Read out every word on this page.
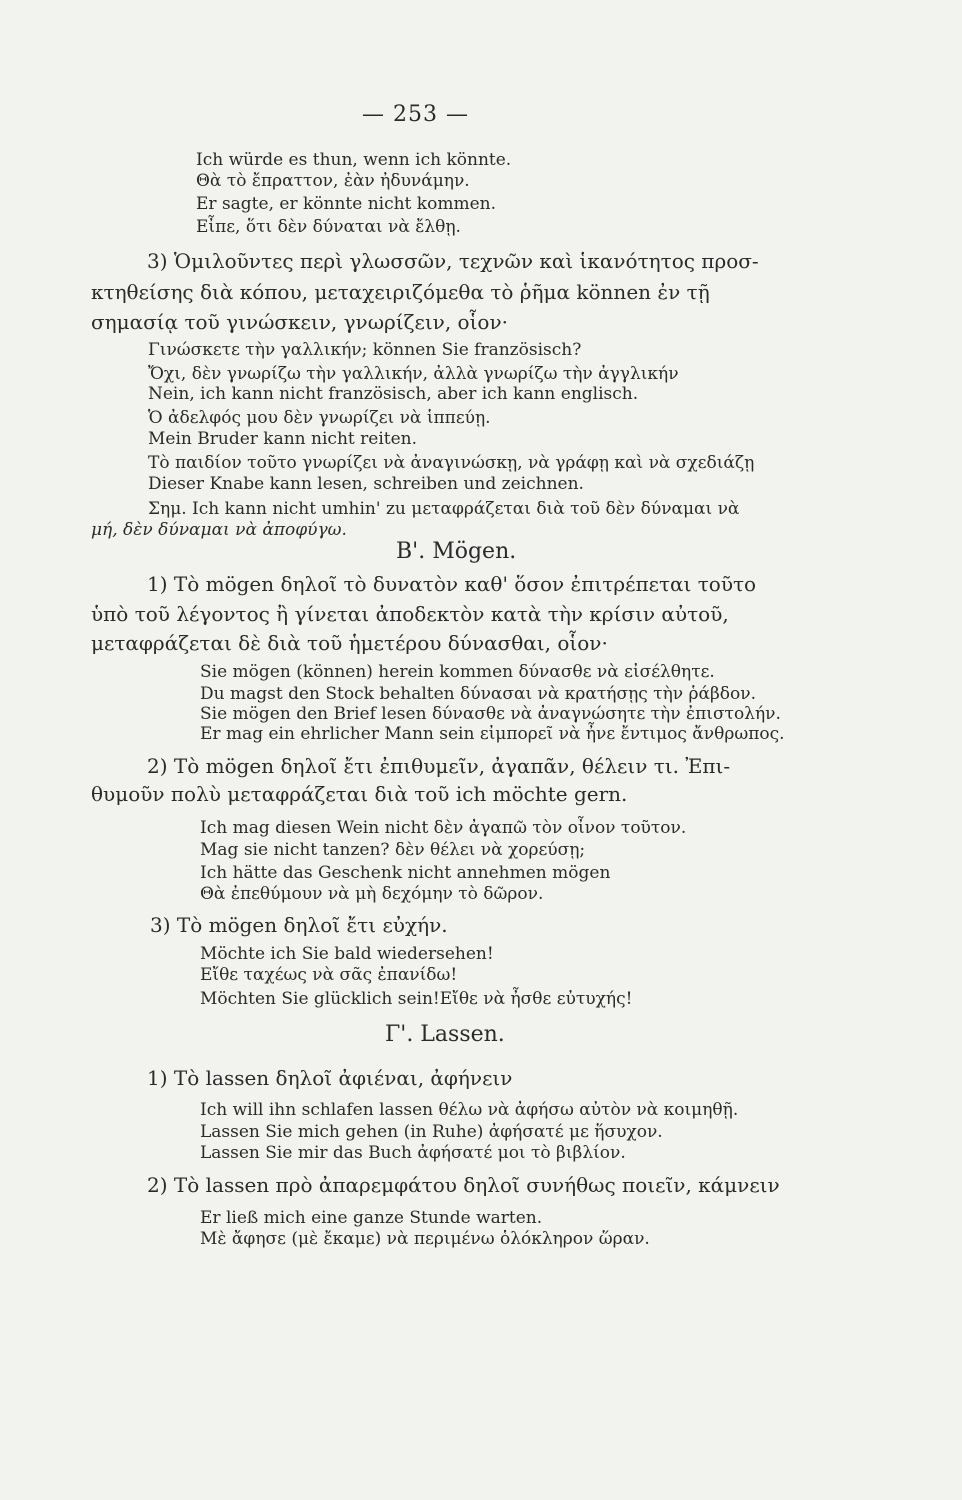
— 253 —
Ich würde es thun, wenn ich könnte.
Θὰ τὸ ἔπραττον, ἐὰν ἠδυνάμην.
Er sagte, er könnte nicht kommen.
Εἶπε, ὅτι δὲν δύναται νὰ ἔλθῃ.
3) Ὁμιλοῦντες περὶ γλωσσῶν, τεχνῶν καὶ ἱκανότητος προσ-
κτηθείσης διὰ κόπου, μεταχειριζόμεθα τὸ ῥῆμα können ἐν τῇ
σημασίᾳ τοῦ γινώσκειν, γνωρίζειν, οἷον·
Γινώσκετε τὴν γαλλικήν; können Sie französisch?
Ὄχι, δὲν γνωρίζω τὴν γαλλικήν, ἀλλὰ γνωρίζω τὴν ἀγγλικήν
Nein, ich kann nicht französisch, aber ich kann englisch.
Ὁ ἀδελφός μου δὲν γνωρίζει νὰ ἱππεύῃ.
Mein Bruder kann nicht reiten.
Τὸ παιδίον τοῦτο γνωρίζει νὰ ἀναγινώσκῃ, νὰ γράφῃ καὶ νὰ σχεδιάζῃ
Dieser Knabe kann lesen, schreiben und zeichnen.
Σημ. Ich kann nicht umhin' zu μεταφράζεται διὰ τοῦ δὲν δύναμαι νὰ
μή, δὲν δύναμαι νὰ ἀποφύγω.
Β'. Mögen.
1) Τὸ mögen δηλοῖ τὸ δυνατὸν καθ' ὅσον ἐπιτρέπεται τοῦτο
ὑπὸ τοῦ λέγοντος ἢ γίνεται ἀποδεκτὸν κατὰ τὴν κρίσιν αὐτοῦ,
μεταφράζεται δὲ διὰ τοῦ ἡμετέρου δύνασθαι, οἷον·
Sie mögen (können) herein kommen δύνασθε νὰ εἰσέλθητε.
Du magst den Stock behalten δύνασαι νὰ κρατήσῃς τὴν ῥάβδον.
Sie mögen den Brief lesen δύνασθε νὰ ἀναγνώσητε τὴν ἐπιστολήν.
Er mag ein ehrlicher Mann sein εἰμπορεῖ νὰ ἦνε ἔντιμος ἄνθρωπος.
2) Τὸ mögen δηλοῖ ἔτι ἐπιθυμεῖν, ἀγαπᾶν, θέλειν τι. Ἐπι-
θυμοῦν πολὺ μεταφράζεται διὰ τοῦ ich möchte gern.
Ich mag diesen Wein nicht δὲν ἀγαπῶ τὸν οἶνον τοῦτον.
Mag sie nicht tanzen? δὲν θέλει νὰ χορεύσῃ;
Ich hätte das Geschenk nicht annehmen mögen
Θὰ ἐπεθύμουν νὰ μὴ δεχόμην τὸ δῶρον.
3) Τὸ mögen δηλοῖ ἔτι εὐχήν.
Möchte ich Sie bald wiedersehen!
Εἴθε ταχέως νὰ σᾶς ἐπανίδω!
Möchten Sie glücklich sein!Εἴθε νὰ ἦσθε εὐτυχής!
Γ'. Lassen.
1) Τὸ lassen δηλοῖ ἀφιέναι, ἀφήνειν
Ich will ihn schlafen lassen θέλω νὰ ἀφήσω αὐτὸν νὰ κοιμηθῇ.
Lassen Sie mich gehen (in Ruhe) ἀφήσατέ με ἥσυχον.
Lassen Sie mir das Buch ἀφήσατέ μοι τὸ βιβλίον.
2) Τὸ lassen πρὸ ἀπαρεμφάτου δηλοῖ συνήθως ποιεῖν, κάμνειν
Er ließ mich eine ganze Stunde warten.
Μὲ ἄφησε (μὲ ἔκαμε) νὰ περιμένω ὁλόκληρον ὥραν.
